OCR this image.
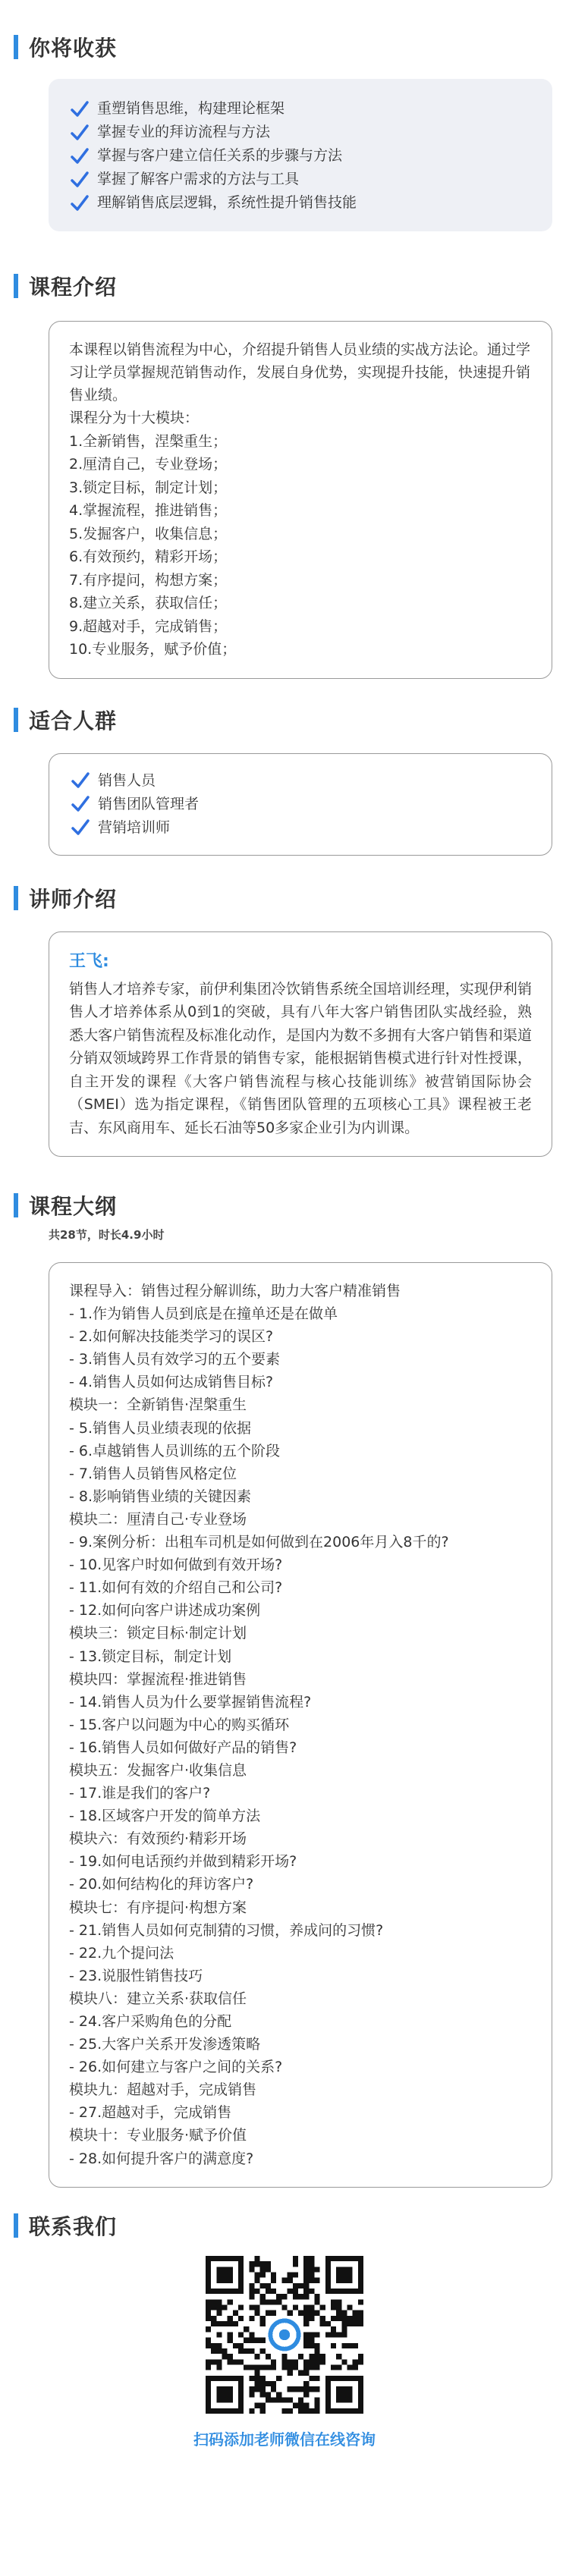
你将收获
重塑销售思维，构建理论框架
掌握专业的拜访流程与方法
掌握与客户建立信任关系的步骤与方法
掌握了解客户需求的方法与工具
理解销售底层逻辑，系统性提升销售技能
课程介绍
本课程以销售流程为中心，介绍提升销售人员业绩的实战方法论。通过学习让学员掌握规范销售动作，发展自身优势，实现提升技能，快速提升销售业绩。
课程分为十大模块：
1.全新销售，涅槃重生；
2.厘清自己，专业登场；
3.锁定目标，制定计划；
4.掌握流程，推进销售；
5.发掘客户，收集信息；
6.有效预约，精彩开场；
7.有序提问，构想方案；
8.建立关系，获取信任；
9.超越对手，完成销售；
10.专业服务，赋予价值；
适合人群
销售人员
销售团队管理者
营销培训师
讲师介绍
王飞:
销售人才培养专家，前伊利集团冷饮销售系统全国培训经理，实现伊利销售人才培养体系从0到1的突破，具有八年大客户销售团队实战经验，熟悉大客户销售流程及标准化动作，是国内为数不多拥有大客户销售和渠道分销双领域跨界工作背景的销售专家，能根据销售模式进行针对性授课，自主开发的课程《大客户销售流程与核心技能训练》被营销国际协会（SMEI）选为指定课程，《销售团队管理的五项核心工具》课程被王老吉、东风商用车、延长石油等50多家企业引为内训课。
课程大纲
共28节，时长4.9小时
课程导入：销售过程分解训练，助力大客户精准销售
- 1.作为销售人员到底是在撞单还是在做单
- 2.如何解决技能类学习的误区?
- 3.销售人员有效学习的五个要素
- 4.销售人员如何达成销售目标?
模块一：全新销售·涅槃重生
- 5.销售人员业绩表现的依据
- 6.卓越销售人员训练的五个阶段
- 7.销售人员销售风格定位
- 8.影响销售业绩的关键因素
模块二：厘清自己·专业登场
- 9.案例分析：出租车司机是如何做到在2006年月入8千的?
- 10.见客户时如何做到有效开场?
- 11.如何有效的介绍自己和公司?
- 12.如何向客户讲述成功案例
模块三：锁定目标·制定计划
- 13.锁定目标，制定计划
模块四：掌握流程·推进销售
- 14.销售人员为什么要掌握销售流程?
- 15.客户以问题为中心的购买循环
- 16.销售人员如何做好产品的销售?
模块五：发掘客户·收集信息
- 17.谁是我们的客户?
- 18.区域客户开发的简单方法
模块六：有效预约·精彩开场
- 19.如何电话预约并做到精彩开场?
- 20.如何结构化的拜访客户?
模块七：有序提问·构想方案
- 21.销售人员如何克制猜的习惯，养成问的习惯?
- 22.九个提问法
- 23.说服性销售技巧
模块八：建立关系·获取信任
- 24.客户采购角色的分配
- 25.大客户关系开发渗透策略
- 26.如何建立与客户之间的关系?
模块九：超越对手，完成销售
- 27.超越对手，完成销售
模块十：专业服务·赋予价值
- 28.如何提升客户的满意度?
联系我们
扫码添加老师微信在线咨询
